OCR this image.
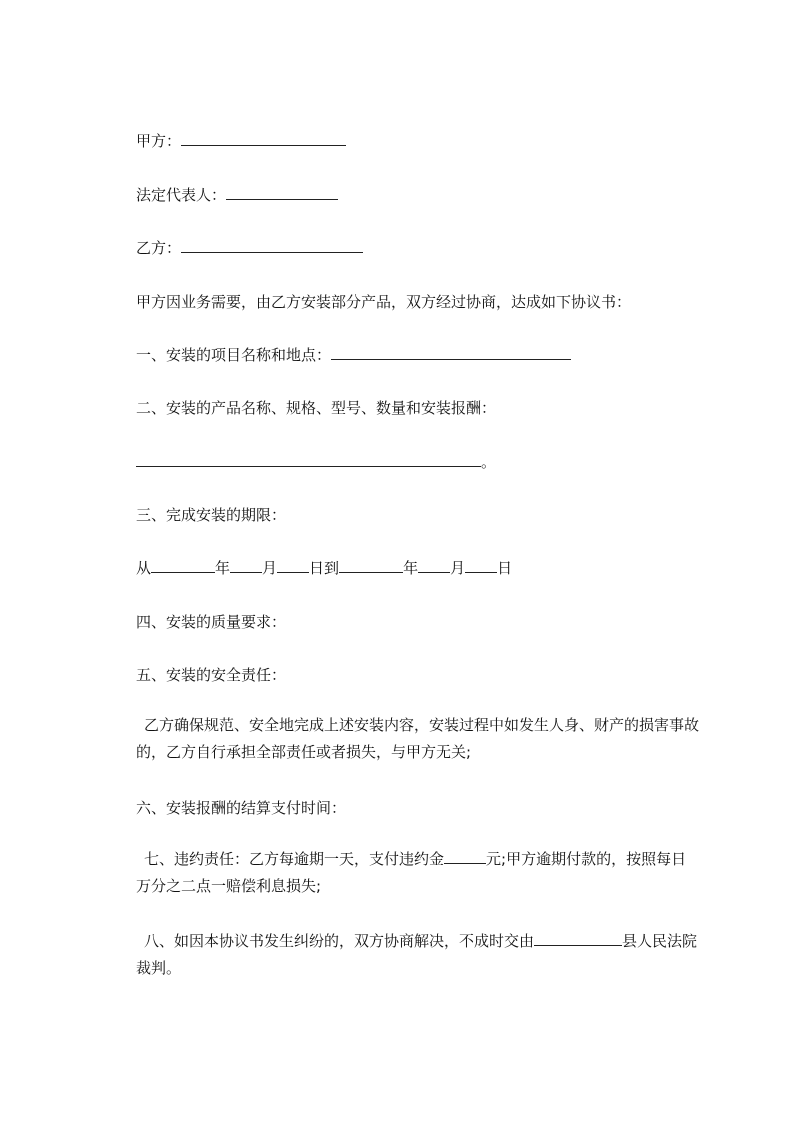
甲方：
法定代表人：
乙方：
甲方因业务需要，由乙方安装部分产品，双方经过协商，达成如下协议书：
一、安装的项目名称和地点：
二、安装的产品名称、规格、型号、数量和安装报酬：
。
三、完成安装的期限：
从	年 月 日到	年 月 日
四、安装的质量要求：
五、安装的安全责任：
乙方确保规范、安全地完成上述安装内容，安装过程中如发生人身、财产的损害事故的，乙方自行承担全部责任或者损失，与甲方无关;
六、安装报酬的结算支付时间：
七、违约责任：乙方每逾期一天，支付违约金	元;甲方逾期付款的，按照每日万分之二点一赔偿利息损失;
八、如因本协议书发生纠纷的，双方协商解决，不成时交由	县人民法院裁判。
